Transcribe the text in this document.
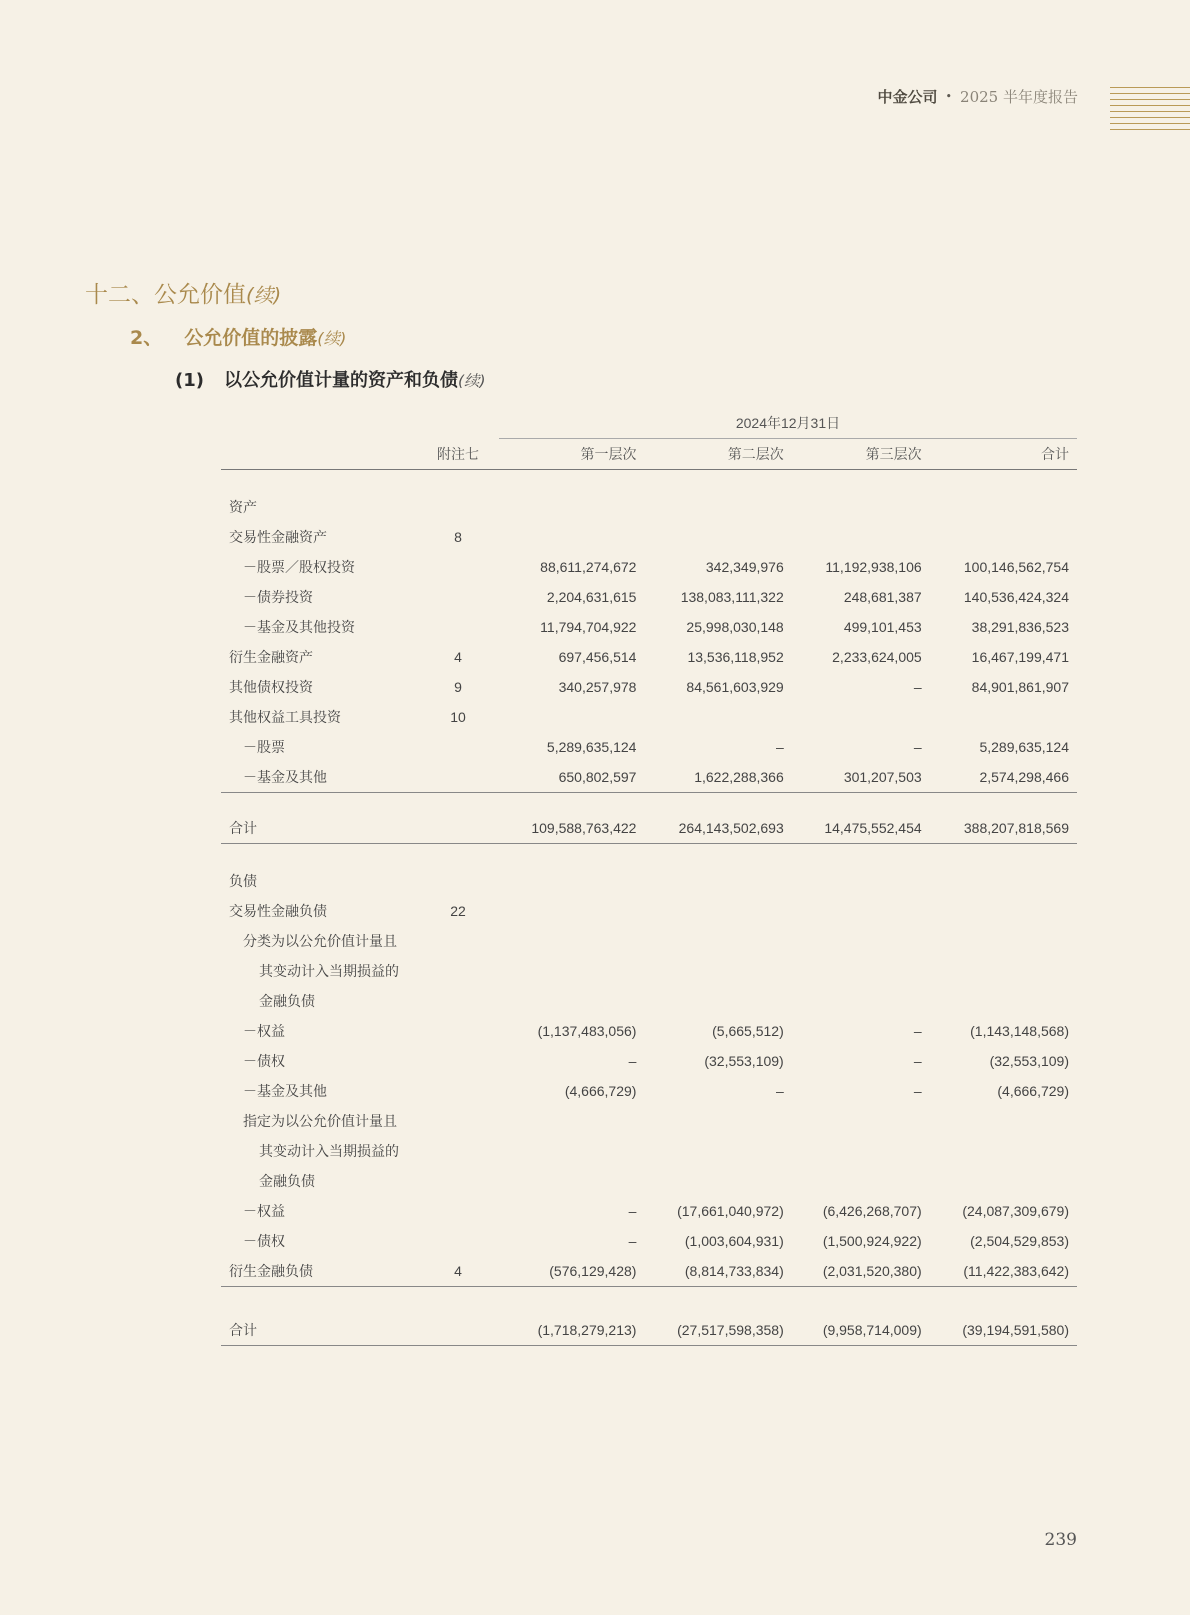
中金公司 • 2025 半年度报告
十二、公允价值(续)
2、 公允价值的披露(续)
(1) 以公允价值计量的资产和负债(续)
		2024年12月31日			
	附注七	第一层次	第二层次	第三层次	合计

资产					
交易性金融资产	8				
－股票／股权投资		88,611,274,672	342,349,976	11,192,938,106	100,146,562,754
－债券投资		2,204,631,615	138,083,111,322	248,681,387	140,536,424,324
－基金及其他投资		11,794,704,922	25,998,030,148	499,101,453	38,291,836,523
衍生金融资产	4	697,456,514	13,536,118,952	2,233,624,005	16,467,199,471
其他债权投资	9	340,257,978	84,561,603,929	–	84,901,861,907
其他权益工具投资	10				
－股票		5,289,635,124	–	–	5,289,635,124
－基金及其他		650,802,597	1,622,288,366	301,207,503	2,574,298,466

合计		109,588,763,422	264,143,502,693	14,475,552,454	388,207,818,569

负债					
交易性金融负债	22				
分类为以公允价值计量且					
其变动计入当期损益的					
金融负债					
－权益		(1,137,483,056)	(5,665,512)	–	(1,143,148,568)
－债权		–	(32,553,109)	–	(32,553,109)
－基金及其他		(4,666,729)	–	–	(4,666,729)
指定为以公允价值计量且					
其变动计入当期损益的					
金融负债					
－权益		–	(17,661,040,972)	(6,426,268,707)	(24,087,309,679)
－债权		–	(1,003,604,931)	(1,500,924,922)	(2,504,529,853)
衍生金融负债	4	(576,129,428)	(8,814,733,834)	(2,031,520,380)	(11,422,383,642)

合计		(1,718,279,213)	(27,517,598,358)	(9,958,714,009)	(39,194,591,580)
239
